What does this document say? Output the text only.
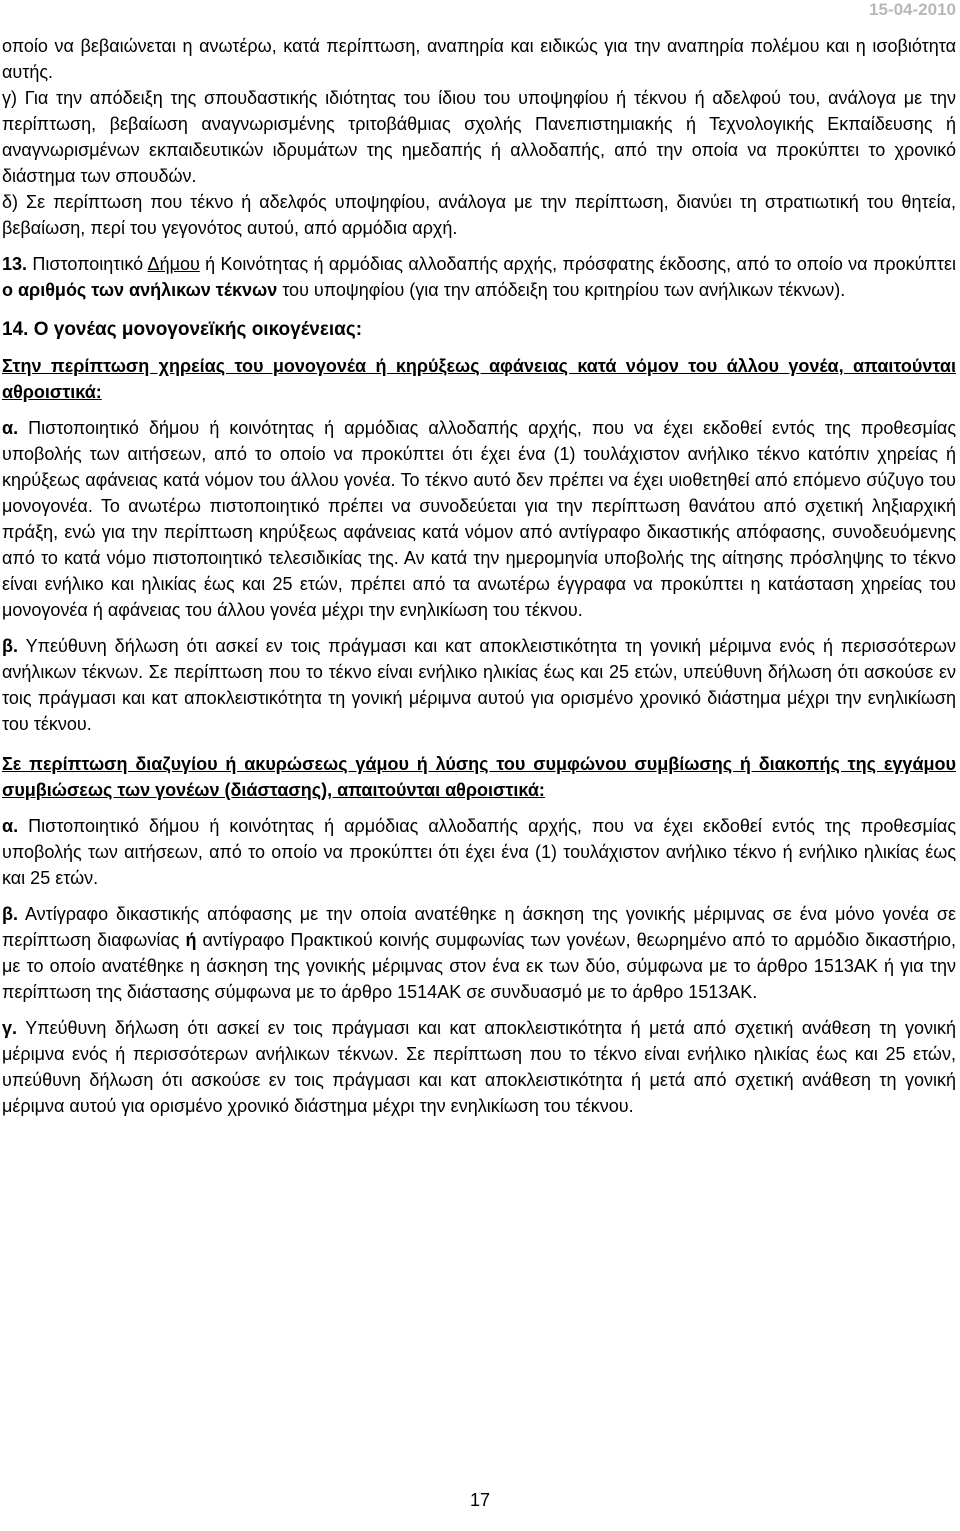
15-04-2010

οποίο να βεβαιώνεται η ανωτέρω, κατά περίπτωση, αναπηρία και ειδικώς για την αναπηρία πολέμου και η ισοβιότητα αυτής.

γ) Για την απόδειξη της σπουδαστικής ιδιότητας του ίδιου του υποψηφίου ή τέκνου ή αδελφού του, ανάλογα με την περίπτωση, βεβαίωση αναγνωρισμένης τριτοβάθμιας σχολής Πανεπιστημιακής ή Τεχνολογικής Εκπαίδευσης ή αναγνωρισμένων εκπαιδευτικών ιδρυμάτων της ημεδαπής ή αλλοδαπής, από την οποία να προκύπτει το χρονικό διάστημα των σπουδών.

δ) Σε περίπτωση που τέκνο ή αδελφός υποψηφίου, ανάλογα με την περίπτωση, διανύει τη στρατιωτική του θητεία, βεβαίωση, περί του γεγονότος αυτού, από αρμόδια αρχή.

13. Πιστοποιητικό Δήμου ή Κοινότητας ή αρμόδιας αλλοδαπής αρχής, πρόσφατης έκδοσης, από το οποίο να προκύπτει ο αριθμός των ανήλικων τέκνων του υποψηφίου (για την απόδειξη του κριτηρίου των ανήλικων τέκνων).

14. Ο γονέας μονογονεϊκής οικογένειας:

Στην περίπτωση χηρείας του μονογονέα ή κηρύξεως αφάνειας κατά νόμον του άλλου γονέα, απαιτούνται αθροιστικά:

α. Πιστοποιητικό δήμου ή κοινότητας ή αρμόδιας αλλοδαπής αρχής, που να έχει εκδοθεί εντός της προθεσμίας υποβολής των αιτήσεων, από το οποίο να προκύπτει ότι έχει ένα (1) τουλάχιστον ανήλικο τέκνο κατόπιν χηρείας ή κηρύξεως αφάνειας κατά νόμον του άλλου γονέα. Το τέκνο αυτό δεν πρέπει να έχει υιοθετηθεί από επόμενο σύζυγο του μονογονέα. Το ανωτέρω πιστοποιητικό πρέπει να συνοδεύεται για την περίπτωση θανάτου από σχετική ληξιαρχική πράξη, ενώ για την περίπτωση κηρύξεως αφάνειας κατά νόμον από αντίγραφο δικαστικής απόφασης, συνοδευόμενης από το κατά νόμο πιστοποιητικό τελεσιδικίας της. Αν κατά την ημερομηνία υποβολής της αίτησης πρόσληψης το τέκνο είναι ενήλικο και ηλικίας έως και 25 ετών, πρέπει από τα ανωτέρω έγγραφα να προκύπτει η κατάσταση χηρείας του μονογονέα ή αφάνειας του άλλου γονέα μέχρι την ενηλικίωση του τέκνου.

β. Υπεύθυνη δήλωση ότι ασκεί εν τοις πράγμασι και κατ αποκλειστικότητα τη γονική μέριμνα ενός ή περισσότερων ανήλικων τέκνων. Σε περίπτωση που το τέκνο είναι ενήλικο ηλικίας έως και 25 ετών, υπεύθυνη δήλωση ότι ασκούσε εν τοις πράγμασι και κατ αποκλειστικότητα τη γονική μέριμνα αυτού για ορισμένο χρονικό διάστημα μέχρι την ενηλικίωση του τέκνου.

Σε περίπτωση διαζυγίου ή ακυρώσεως γάμου ή λύσης του συμφώνου συμβίωσης ή διακοπής της εγγάμου συμβιώσεως των γονέων (διάστασης), απαιτούνται αθροιστικά:

α. Πιστοποιητικό δήμου ή κοινότητας ή αρμόδιας αλλοδαπής αρχής, που να έχει εκδοθεί εντός της προθεσμίας υποβολής των αιτήσεων, από το οποίο να προκύπτει ότι έχει ένα (1) τουλάχιστον ανήλικο τέκνο ή ενήλικο ηλικίας έως και 25 ετών.

β. Αντίγραφο δικαστικής απόφασης με την οποία ανατέθηκε η άσκηση της γονικής μέριμνας σε ένα μόνο γονέα σε περίπτωση διαφωνίας ή αντίγραφο Πρακτικού κοινής συμφωνίας των γονέων, θεωρημένο από το αρμόδιο δικαστήριο, με το οποίο ανατέθηκε η άσκηση της γονικής μέριμνας στον ένα εκ των δύο, σύμφωνα με το άρθρο 1513ΑΚ ή για την περίπτωση της διάστασης σύμφωνα με το άρθρο 1514ΑΚ σε συνδυασμό με το άρθρο 1513ΑΚ.

γ. Υπεύθυνη δήλωση ότι ασκεί εν τοις πράγμασι και κατ αποκλειστικότητα ή μετά από σχετική ανάθεση τη γονική μέριμνα ενός ή περισσότερων ανήλικων τέκνων. Σε περίπτωση που το τέκνο είναι ενήλικο ηλικίας έως και 25 ετών, υπεύθυνη δήλωση ότι ασκούσε εν τοις πράγμασι και κατ αποκλειστικότητα ή μετά από σχετική ανάθεση τη γονική μέριμνα αυτού για ορισμένο χρονικό διάστημα μέχρι την ενηλικίωση του τέκνου.

17
